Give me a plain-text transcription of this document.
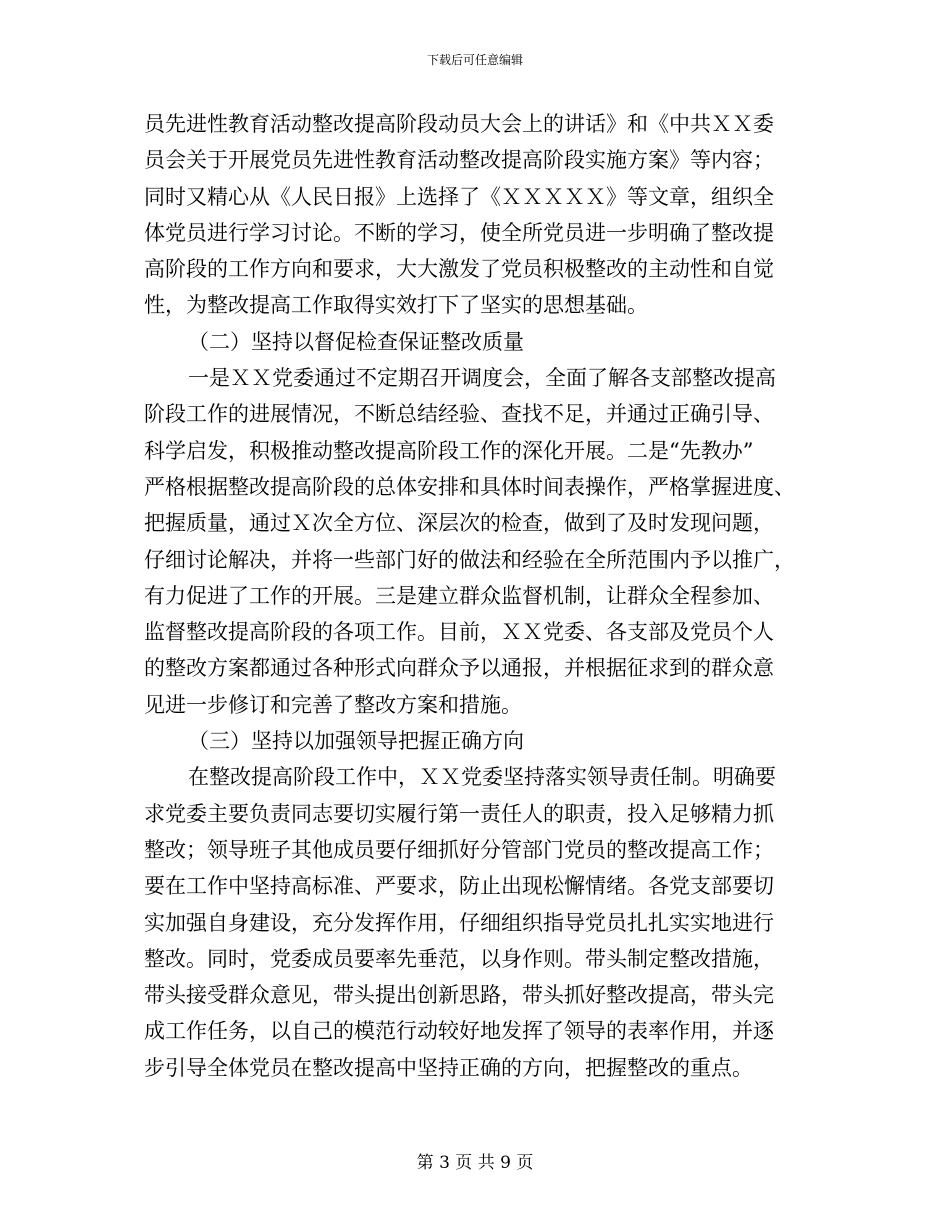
下载后可任意编辑
员先进性教育活动整改提高阶段动员大会上的讲话》和《中共ＸＸ委
员会关于开展党员先进性教育活动整改提高阶段实施方案》等内容；
同时又精心从《人民日报》上选择了《ＸＸＸＸＸ》等文章，组织全
体党员进行学习讨论。不断的学习，使全所党员进一步明确了整改提
高阶段的工作方向和要求，大大激发了党员积极整改的主动性和自觉
性，为整改提高工作取得实效打下了坚实的思想基础。
（二）坚持以督促检查保证整改质量
一是ＸＸ党委通过不定期召开调度会，全面了解各支部整改提高
阶段工作的进展情况，不断总结经验、查找不足，并通过正确引导、
科学启发，积极推动整改提高阶段工作的深化开展。二是“先教办”
严格根据整改提高阶段的总体安排和具体时间表操作，严格掌握进度、
把握质量，通过Ｘ次全方位、深层次的检查，做到了及时发现问题，
仔细讨论解决，并将一些部门好的做法和经验在全所范围内予以推广，
有力促进了工作的开展。三是建立群众监督机制，让群众全程参加、
监督整改提高阶段的各项工作。目前，ＸＸ党委、各支部及党员个人
的整改方案都通过各种形式向群众予以通报，并根据征求到的群众意
见进一步修订和完善了整改方案和措施。
（三）坚持以加强领导把握正确方向
在整改提高阶段工作中，ＸＸ党委坚持落实领导责任制。明确要
求党委主要负责同志要切实履行第一责任人的职责，投入足够精力抓
整改；领导班子其他成员要仔细抓好分管部门党员的整改提高工作；
要在工作中坚持高标准、严要求，防止出现松懈情绪。各党支部要切
实加强自身建设，充分发挥作用，仔细组织指导党员扎扎实实地进行
整改。同时，党委成员要率先垂范，以身作则。带头制定整改措施，
带头接受群众意见，带头提出创新思路，带头抓好整改提高，带头完
成工作任务，以自己的模范行动较好地发挥了领导的表率作用，并逐
步引导全体党员在整改提高中坚持正确的方向，把握整改的重点。
第 3 页 共 9 页
